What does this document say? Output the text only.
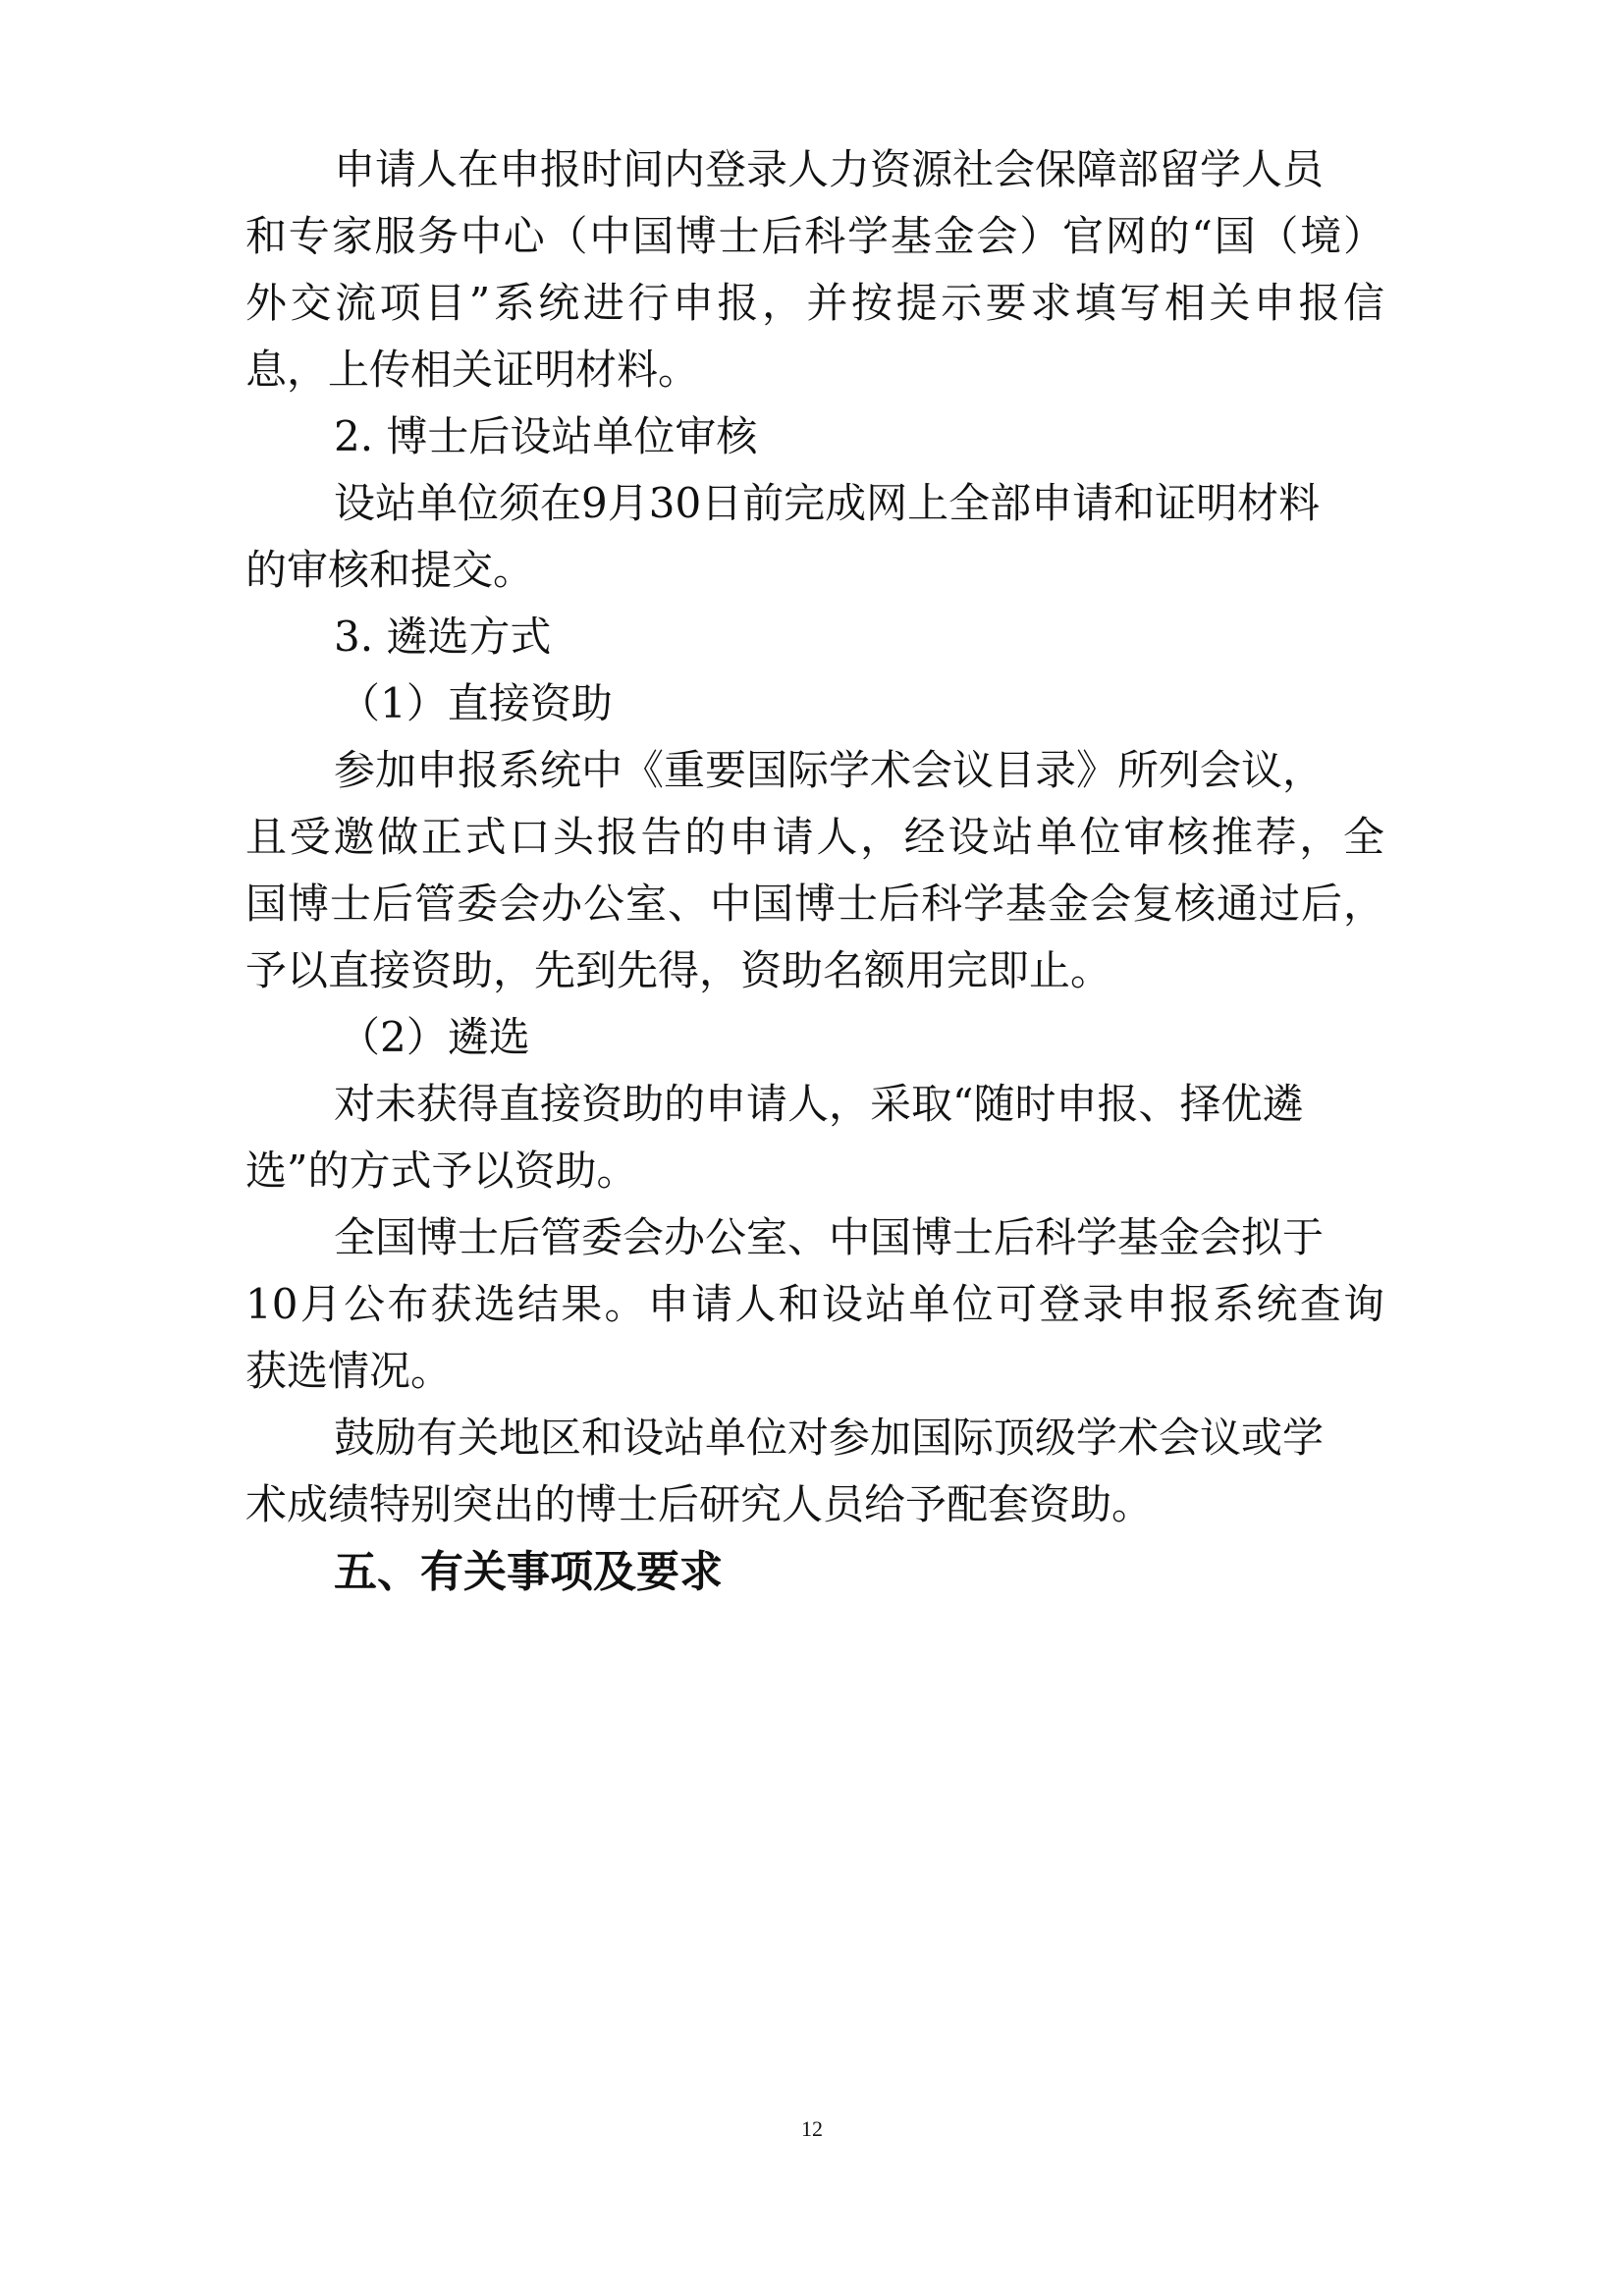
申请人在申报时间内登录人力资源社会保障部留学人员
和专家服务中心（中国博士后科学基金会）官网的“国（境）
外交流项目”系统进行申报，并按提示要求填写相关申报信
息，上传相关证明材料。
2. 博士后设站单位审核
设站单位须在9月30日前完成网上全部申请和证明材料
的审核和提交。
3. 遴选方式
（1）直接资助
参加申报系统中《重要国际学术会议目录》所列会议，
且受邀做正式口头报告的申请人，经设站单位审核推荐，全
国博士后管委会办公室、中国博士后科学基金会复核通过后，
予以直接资助，先到先得，资助名额用完即止。
（2）遴选
对未获得直接资助的申请人，采取“随时申报、择优遴
选”的方式予以资助。
全国博士后管委会办公室、中国博士后科学基金会拟于
10月公布获选结果。申请人和设站单位可登录申报系统查询
获选情况。
鼓励有关地区和设站单位对参加国际顶级学术会议或学
术成绩特别突出的博士后研究人员给予配套资助。
五、有关事项及要求
12
